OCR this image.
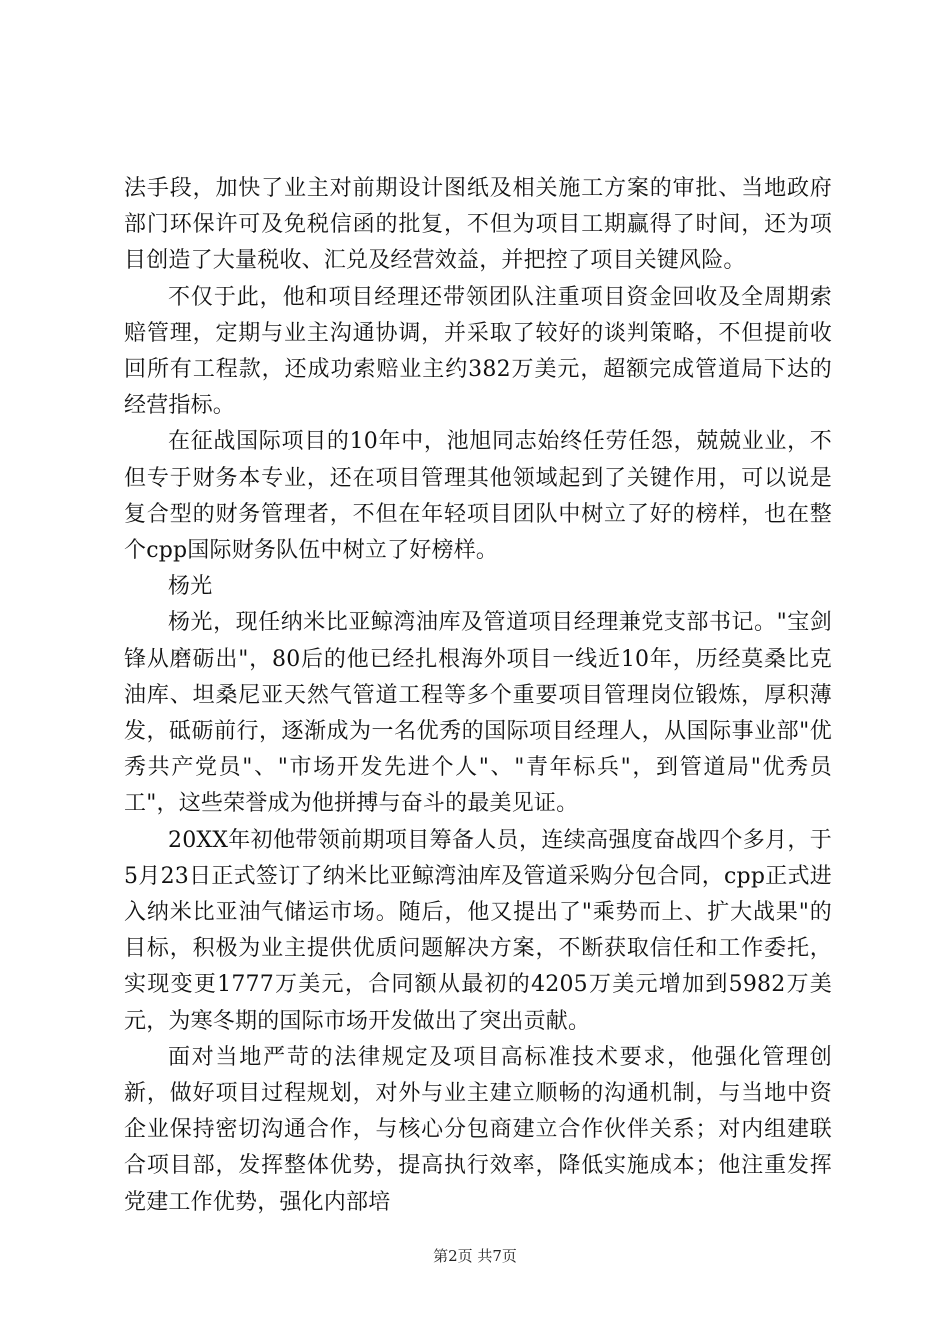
法手段，加快了业主对前期设计图纸及相关施工方案的审批、当地政府部门环保许可及免税信函的批复，不但为项目工期赢得了时间，还为项目创造了大量税收、汇兑及经营效益，并把控了项目关键风险。

不仅于此，他和项目经理还带领团队注重项目资金回收及全周期索赔管理，定期与业主沟通协调，并采取了较好的谈判策略，不但提前收回所有工程款，还成功索赔业主约382万美元，超额完成管道局下达的经营指标。

在征战国际项目的10年中，池旭同志始终任劳任怨，兢兢业业，不但专于财务本专业，还在项目管理其他领域起到了关键作用，可以说是复合型的财务管理者，不但在年轻项目团队中树立了好的榜样，也在整个cpp国际财务队伍中树立了好榜样。

杨光

杨光，现任纳米比亚鲸湾油库及管道项目经理兼党支部书记。"宝剑锋从磨砺出"，80后的他已经扎根海外项目一线近10年，历经莫桑比克油库、坦桑尼亚天然气管道工程等多个重要项目管理岗位锻炼，厚积薄发，砥砺前行，逐渐成为一名优秀的国际项目经理人，从国际事业部"优秀共产党员"、"市场开发先进个人"、"青年标兵"，到管道局"优秀员工"，这些荣誉成为他拼搏与奋斗的最美见证。

20XX年初他带领前期项目筹备人员，连续高强度奋战四个多月，于5月23日正式签订了纳米比亚鲸湾油库及管道采购分包合同，cpp正式进入纳米比亚油气储运市场。随后，他又提出了"乘势而上、扩大战果"的目标，积极为业主提供优质问题解决方案，不断获取信任和工作委托，实现变更1777万美元，合同额从最初的4205万美元增加到5982万美元，为寒冬期的国际市场开发做出了突出贡献。

面对当地严苛的法律规定及项目高标准技术要求，他强化管理创新，做好项目过程规划，对外与业主建立顺畅的沟通机制，与当地中资企业保持密切沟通合作，与核心分包商建立合作伙伴关系；对内组建联合项目部，发挥整体优势，提高执行效率，降低实施成本；他注重发挥党建工作优势，强化内部培

第2页 共7页
